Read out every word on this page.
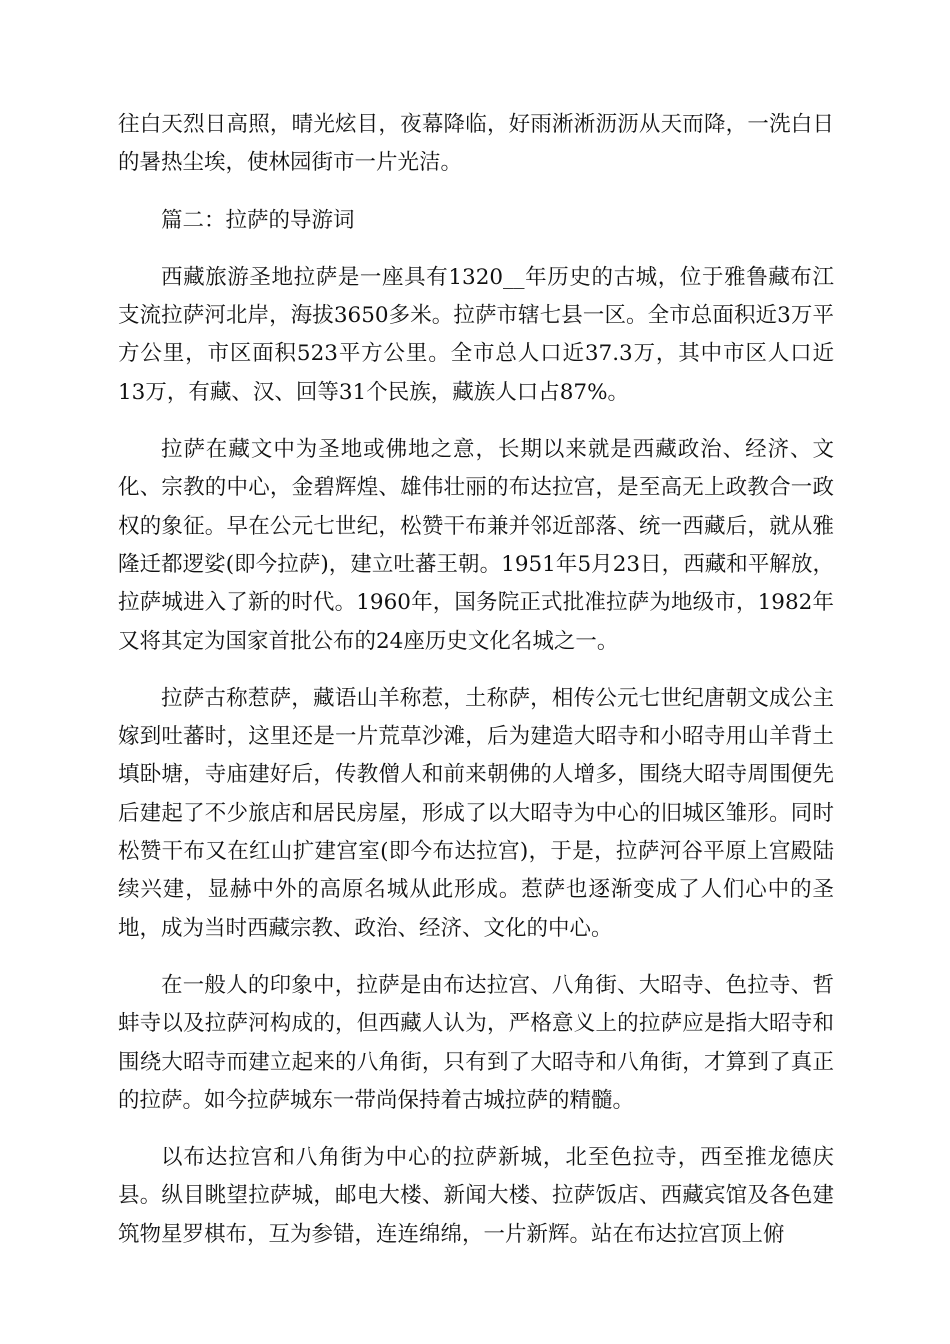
往白天烈日高照，晴光炫目，夜幕降临，好雨淅淅沥沥从天而降，一洗白日的暑热尘埃，使林园街市一片光洁。

篇二：拉萨的导游词

西藏旅游圣地拉萨是一座具有1320__年历史的古城，位于雅鲁藏布江支流拉萨河北岸，海拔3650多米。拉萨市辖七县一区。全市总面积近3万平方公里，市区面积523平方公里。全市总人口近37.3万，其中市区人口近13万，有藏、汉、回等31个民族，藏族人口占87%。

拉萨在藏文中为圣地或佛地之意，长期以来就是西藏政治、经济、文化、宗教的中心，金碧辉煌、雄伟壮丽的布达拉宫，是至高无上政教合一政权的象征。早在公元七世纪，松赞干布兼并邻近部落、统一西藏后，就从雅隆迁都逻娑(即今拉萨)，建立吐蕃王朝。1951年5月23日，西藏和平解放，拉萨城进入了新的时代。1960年，国务院正式批准拉萨为地级市，1982年又将其定为国家首批公布的24座历史文化名城之一。

拉萨古称惹萨，藏语山羊称惹，土称萨，相传公元七世纪唐朝文成公主嫁到吐蕃时，这里还是一片荒草沙滩，后为建造大昭寺和小昭寺用山羊背土填卧塘，寺庙建好后，传教僧人和前来朝佛的人增多，围绕大昭寺周围便先后建起了不少旅店和居民房屋，形成了以大昭寺为中心的旧城区雏形。同时松赞干布又在红山扩建宫室(即今布达拉宫)，于是，拉萨河谷平原上宫殿陆续兴建，显赫中外的高原名城从此形成。惹萨也逐渐变成了人们心中的圣地，成为当时西藏宗教、政治、经济、文化的中心。

在一般人的印象中，拉萨是由布达拉宫、八角街、大昭寺、色拉寺、哲蚌寺以及拉萨河构成的，但西藏人认为，严格意义上的拉萨应是指大昭寺和围绕大昭寺而建立起来的八角街，只有到了大昭寺和八角街，才算到了真正的拉萨。如今拉萨城东一带尚保持着古城拉萨的精髓。

以布达拉宫和八角街为中心的拉萨新城，北至色拉寺，西至推龙德庆县。纵目眺望拉萨城，邮电大楼、新闻大楼、拉萨饭店、西藏宾馆及各色建筑物星罗棋布，互为参错，连连绵绵，一片新辉。站在布达拉宫顶上俯
